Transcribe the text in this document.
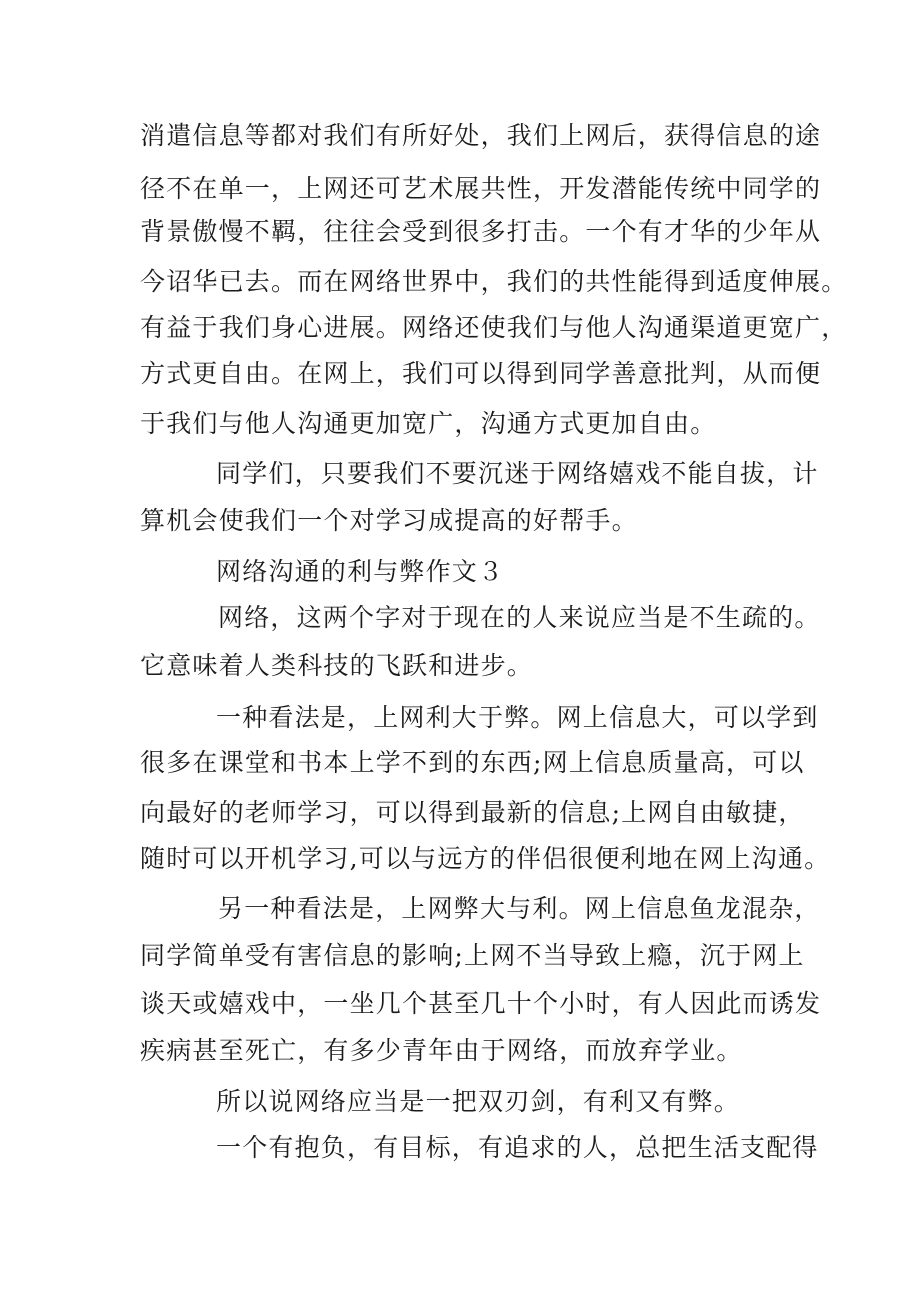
消遣信息等都对我们有所好处，我们上网后，获得信息的途
径不在单一，上网还可艺术展共性，开发潜能传统中同学的
背景傲慢不羁，往往会受到很多打击。一个有才华的少年从
今诏华已去。而在网络世界中，我们的共性能得到适度伸展。
有益于我们身心进展。网络还使我们与他人沟通渠道更宽广，
方式更自由。在网上，我们可以得到同学善意批判，从而便
于我们与他人沟通更加宽广，沟通方式更加自由。
同学们，只要我们不要沉迷于网络嬉戏不能自拔，计
算机会使我们一个对学习成提高的好帮手。
网络沟通的利与弊作文３
网络，这两个字对于现在的人来说应当是不生疏的。
它意味着人类科技的飞跃和进步。
一种看法是，上网利大于弊。网上信息大，可以学到
很多在课堂和书本上学不到的东西;网上信息质量高，可以
向最好的老师学习，可以得到最新的信息;上网自由敏捷，
随时可以开机学习,可以与远方的伴侣很便利地在网上沟通。
另一种看法是，上网弊大与利。网上信息鱼龙混杂，
同学简单受有害信息的影响;上网不当导致上瘾，沉于网上
谈天或嬉戏中，一坐几个甚至几十个小时，有人因此而诱发
疾病甚至死亡，有多少青年由于网络，而放弃学业。
所以说网络应当是一把双刃剑，有利又有弊。
一个有抱负，有目标，有追求的人，总把生活支配得
